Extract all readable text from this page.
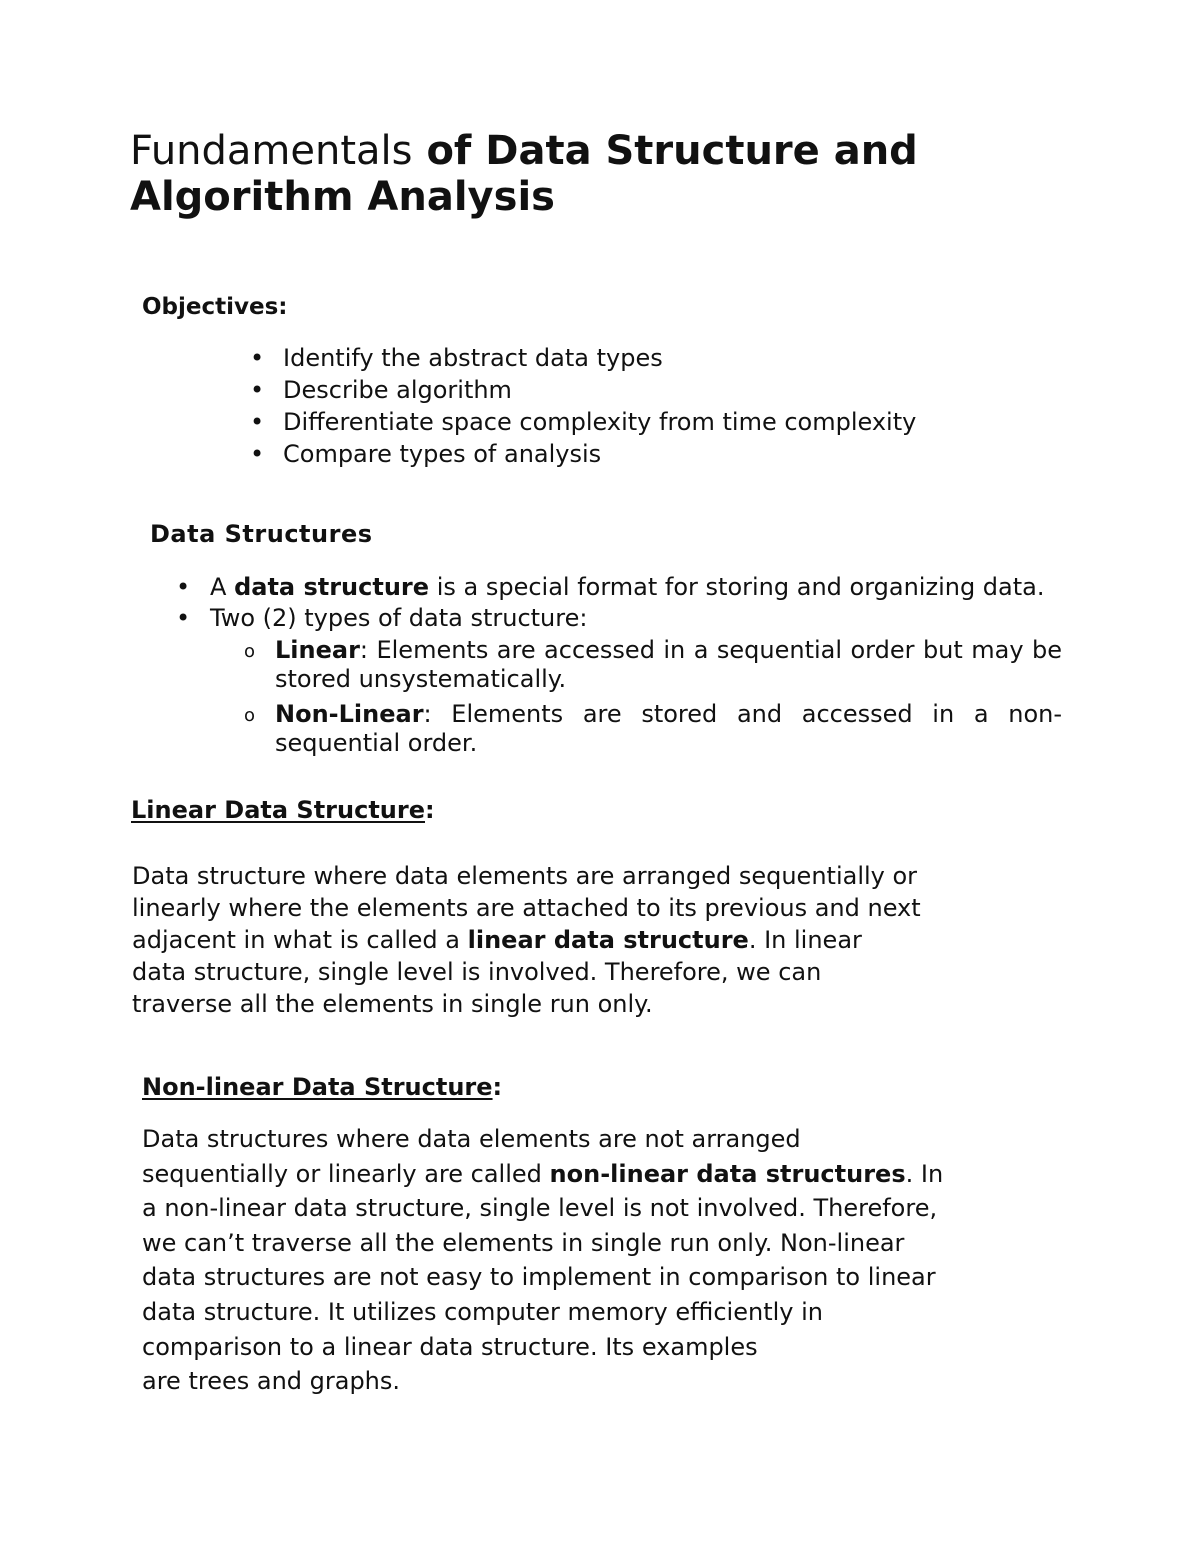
Fundamentals of Data Structure and
Algorithm Analysis
Objectives:
• Identify the abstract data types
• Describe algorithm
• Differentiate space complexity from time complexity
• Compare types of analysis
Data Structures
• A data structure is a special format for storing and organizing data.
• Two (2) types of data structure:
o Linear: Elements are accessed in a sequential order but may be stored unsystematically.
o Non-Linear: Elements are stored and accessed in a non-sequential order.
Linear Data Structure:

Data structure where data elements are arranged sequentially or
linearly where the elements are attached to its previous and next
adjacent in what is called a linear data structure. In linear
data structure, single level is involved. Therefore, we can
traverse all the elements in single run only.

Non-linear Data Structure:

Data structures where data elements are not arranged
sequentially or linearly are called non-linear data structures. In
a non-linear data structure, single level is not involved. Therefore,
we can’t traverse all the elements in single run only. Non-linear
data structures are not easy to implement in comparison to linear
data structure. It utilizes computer memory efficiently in
comparison to a linear data structure. Its examples
are trees and graphs.
